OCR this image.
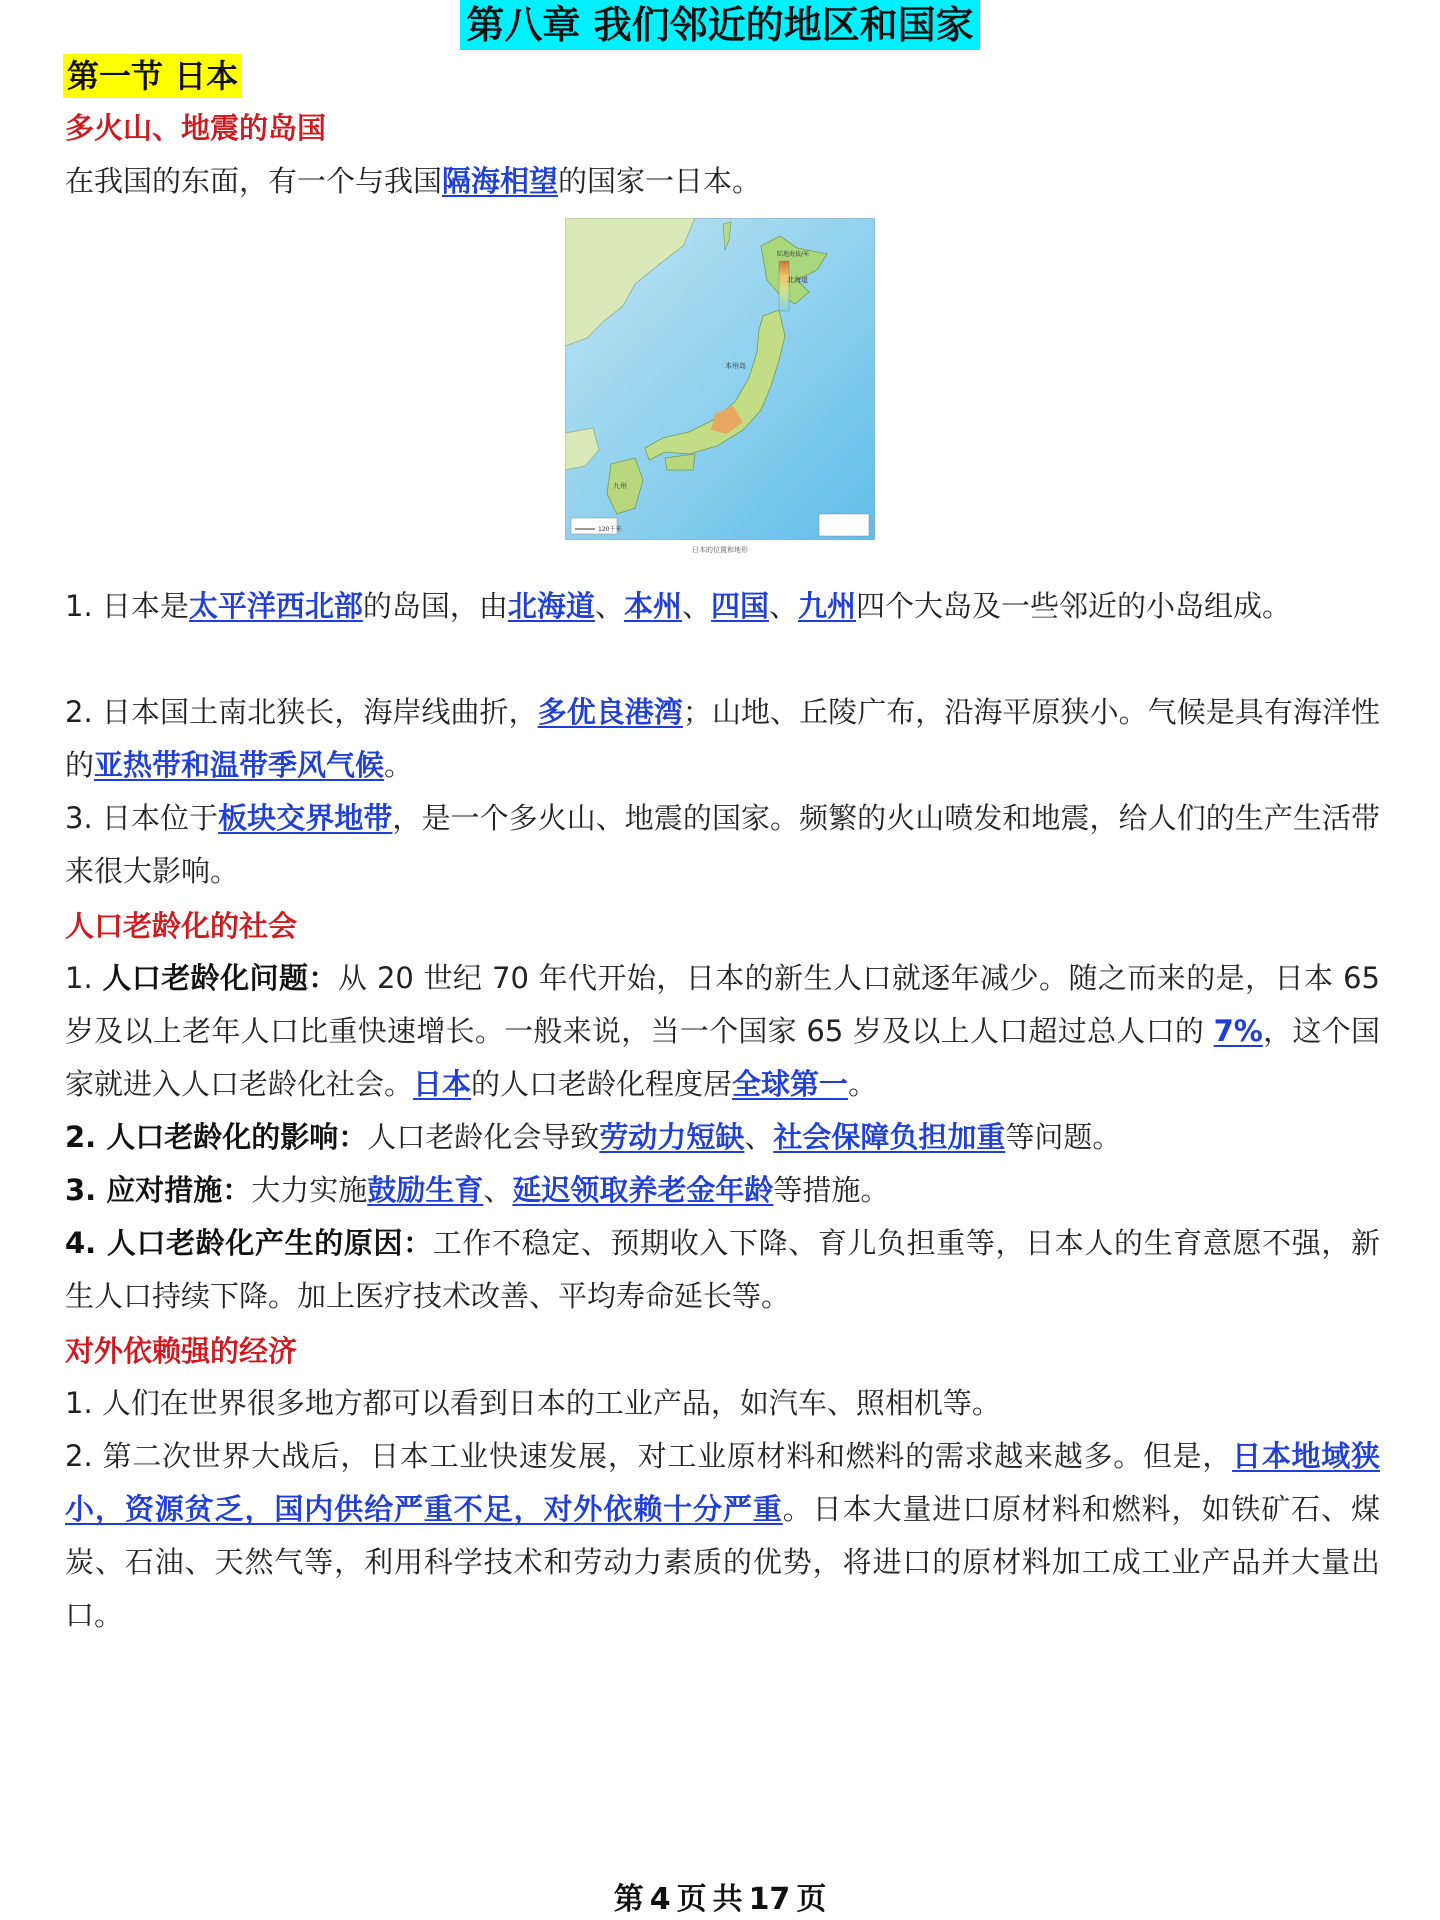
第八章 我们邻近的地区和国家
第一节 日本
多火山、地震的岛国
在我国的东面，有一个与我国隔海相望的国家一日本。
陆地海拔/米
北海道
本州岛
九州
120千米
日本的位置和地形
1. 日本是太平洋西北部的岛国，由北海道、本州、四国、九州四个大岛及一些邻近的小岛组成。
2. 日本国土南北狭长，海岸线曲折，多优良港湾；山地、丘陵广布，沿海平原狭小。气候是具有海洋性的亚热带和温带季风气候。
3. 日本位于板块交界地带，是一个多火山、地震的国家。频繁的火山喷发和地震，给人们的生产生活带来很大影响。
人口老龄化的社会
1. 人口老龄化问题：从 20 世纪 70 年代开始，日本的新生人口就逐年减少。随之而来的是，日本 65 岁及以上老年人口比重快速增长。一般来说，当一个国家 65 岁及以上人口超过总人口的 7%，这个国家就进入人口老龄化社会。日本的人口老龄化程度居全球第一。
2. 人口老龄化的影响：人口老龄化会导致劳动力短缺、社会保障负担加重等问题。
3. 应对措施：大力实施鼓励生育、延迟领取养老金年龄等措施。
4. 人口老龄化产生的原因：工作不稳定、预期收入下降、育儿负担重等，日本人的生育意愿不强，新生人口持续下降。加上医疗技术改善、平均寿命延长等。
对外依赖强的经济
1. 人们在世界很多地方都可以看到日本的工业产品，如汽车、照相机等。
2. 第二次世界大战后，日本工业快速发展，对工业原材料和燃料的需求越来越多。但是，日本地域狭小，资源贫乏，国内供给严重不足，对外依赖十分严重。日本大量进口原材料和燃料，如铁矿石、煤炭、石油、天然气等，利用科学技术和劳动力素质的优势，将进口的原材料加工成工业产品并大量出口。
第 4 页 共 17 页
